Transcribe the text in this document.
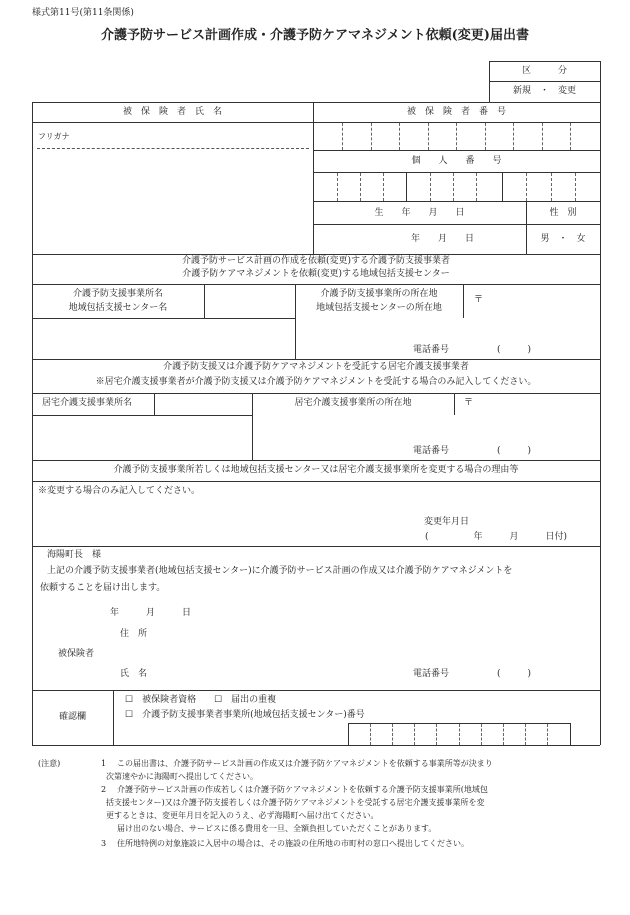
様式第11号(第11条関係)
介護予防サービス計画作成・介護予防ケアマネジメント依頼(変更)届出書
区　　　分
新規　・　変更
被　保　険　者　氏　名	被　保　険　者　番　号
フリガナ
個　　人　　番　　号
生　　年　　月　　日	性　別
年　　月　　日	男　・　女
介護予防サービス計画の作成を依頼(変更)する介護予防支援事業者
介護予防ケアマネジメントを依頼(変更)する地域包括支援センター
介護予防支援事業所名
地域包括支援センター名
介護予防支援事業所の所在地
地域包括支援センターの所在地
〒
電話番号	(　　　)
介護予防支援又は介護予防ケアマネジメントを受託する居宅介護支援事業者
※居宅介護支援事業者が介護予防支援又は介護予防ケアマネジメントを受託する場合のみ記入してください。
居宅介護支援事業所名	居宅介護支援事業所の所在地	〒
電話番号	(　　　)
介護予防支援事業所若しくは地域包括支援センター又は居宅介護支援事業所を変更する場合の理由等
※変更する場合のみ記入してください。
変更年月日
(　　　　　年　　　月　　　日付)
海陽町長　様
上記の介護予防支援事業者(地域包括支援センター)に介護予防サービス計画の作成又は介護予防ケアマネジメントを
依頼することを届け出します。
年　　　月　　　日
住　所
被保険者
氏　名	電話番号	(　　　)
確認欄
☐　被保険者資格　　☐　届出の重複
☐　介護予防支援事業者事業所(地域包括支援センター)番号
(注意)	1 この届出書は、介護予防サービス計画の作成又は介護予防ケアマネジメントを依頼する事業所等が決まり
次第速やかに海陽町へ提出してください。
2 介護予防サービス計画の作成若しくは介護予防ケアマネジメントを依頼する介護予防支援事業所(地域包
括支援センター)又は介護予防支援若しくは介護予防ケアマネジメントを受託する居宅介護支援事業所を変
更するときは、変更年月日を記入のうえ、必ず海陽町へ届け出てください。
届け出のない場合、サービスに係る費用を一旦、全額負担していただくことがあります。
3 住所地特例の対象施設に入居中の場合は、その施設の住所地の市町村の窓口へ提出してください。
